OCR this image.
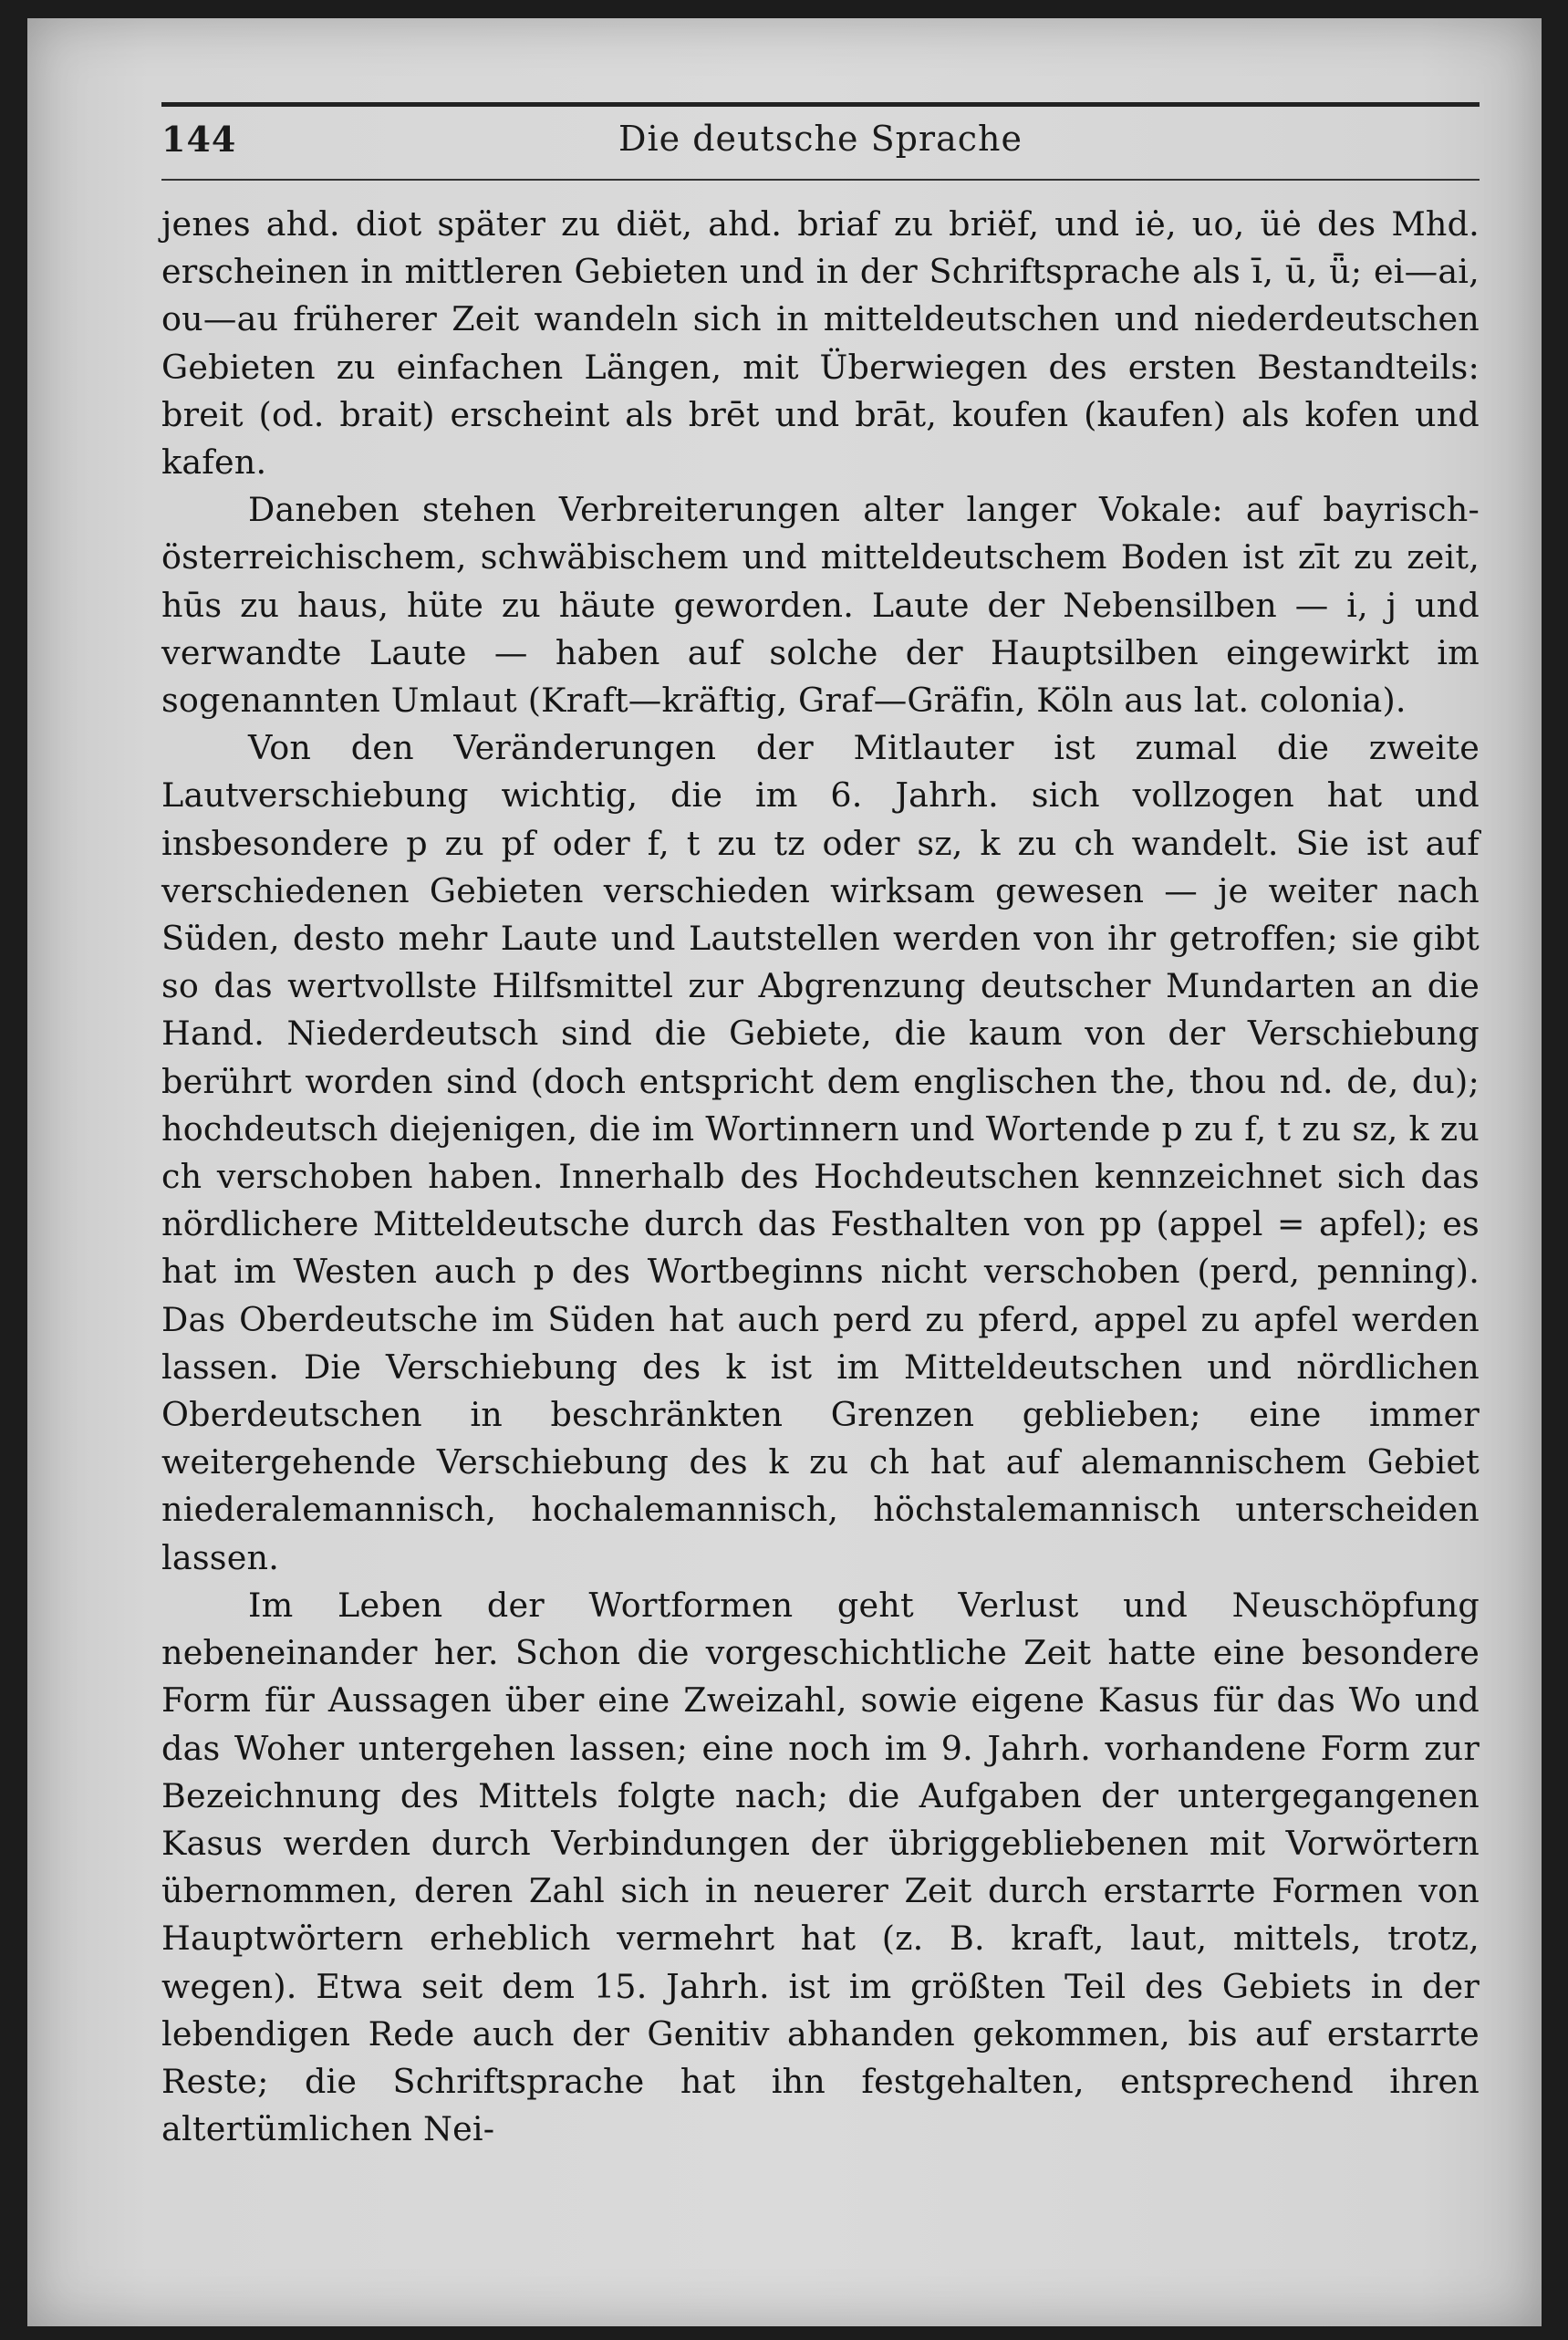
144	Die deutsche Sprache

jenes ahd. diot später zu diët, ahd. briaf zu briëf, und iė, uo, üė des Mhd. erscheinen in mittleren Gebieten und in der Schriftsprache als ī, ū, ǖ; ei—ai, ou—au früherer Zeit wandeln sich in mitteldeutschen und niederdeutschen Gebieten zu einfachen Längen, mit Überwiegen des ersten Bestandteils: breit (od. brait) erscheint als brēt und brāt, koufen (kaufen) als kofen und kafen.

Daneben stehen Verbreiterungen alter langer Vokale: auf bayrisch-österreichischem, schwäbischem und mitteldeutschem Boden ist zīt zu zeit, hūs zu haus, hüte zu häute geworden. Laute der Nebensilben — i, j und verwandte Laute — haben auf solche der Hauptsilben eingewirkt im sogenannten Umlaut (Kraft—kräftig, Graf—Gräfin, Köln aus lat. colonia).

Von den Veränderungen der Mitlauter ist zumal die zweite Lautverschiebung wichtig, die im 6. Jahrh. sich vollzogen hat und insbesondere p zu pf oder f, t zu tz oder sz, k zu ch wandelt. Sie ist auf verschiedenen Gebieten verschieden wirksam gewesen — je weiter nach Süden, desto mehr Laute und Lautstellen werden von ihr getroffen; sie gibt so das wertvollste Hilfsmittel zur Abgrenzung deutscher Mundarten an die Hand. Niederdeutsch sind die Gebiete, die kaum von der Verschiebung berührt worden sind (doch entspricht dem englischen the, thou nd. de, du); hochdeutsch diejenigen, die im Wortinnern und Wortende p zu f, t zu sz, k zu ch verschoben haben. Innerhalb des Hochdeutschen kennzeichnet sich das nördlichere Mitteldeutsche durch das Festhalten von pp (appel = apfel); es hat im Westen auch p des Wortbeginns nicht verschoben (perd, penning). Das Oberdeutsche im Süden hat auch perd zu pferd, appel zu apfel werden lassen. Die Verschiebung des k ist im Mitteldeutschen und nördlichen Oberdeutschen in beschränkten Grenzen geblieben; eine immer weitergehende Verschiebung des k zu ch hat auf alemannischem Gebiet niederalemannisch, hochalemannisch, höchstalemannisch unterscheiden lassen.

Im Leben der Wortformen geht Verlust und Neuschöpfung nebeneinander her. Schon die vorgeschichtliche Zeit hatte eine besondere Form für Aussagen über eine Zweizahl, sowie eigene Kasus für das Wo und das Woher untergehen lassen; eine noch im 9. Jahrh. vorhandene Form zur Bezeichnung des Mittels folgte nach; die Aufgaben der untergegangenen Kasus werden durch Verbindungen der übriggebliebenen mit Vorwörtern übernommen, deren Zahl sich in neuerer Zeit durch erstarrte Formen von Hauptwörtern erheblich vermehrt hat (z. B. kraft, laut, mittels, trotz, wegen). Etwa seit dem 15. Jahrh. ist im größten Teil des Gebiets in der lebendigen Rede auch der Genitiv abhanden gekommen, bis auf erstarrte Reste; die Schriftsprache hat ihn festgehalten, entsprechend ihren altertümlichen Nei-
